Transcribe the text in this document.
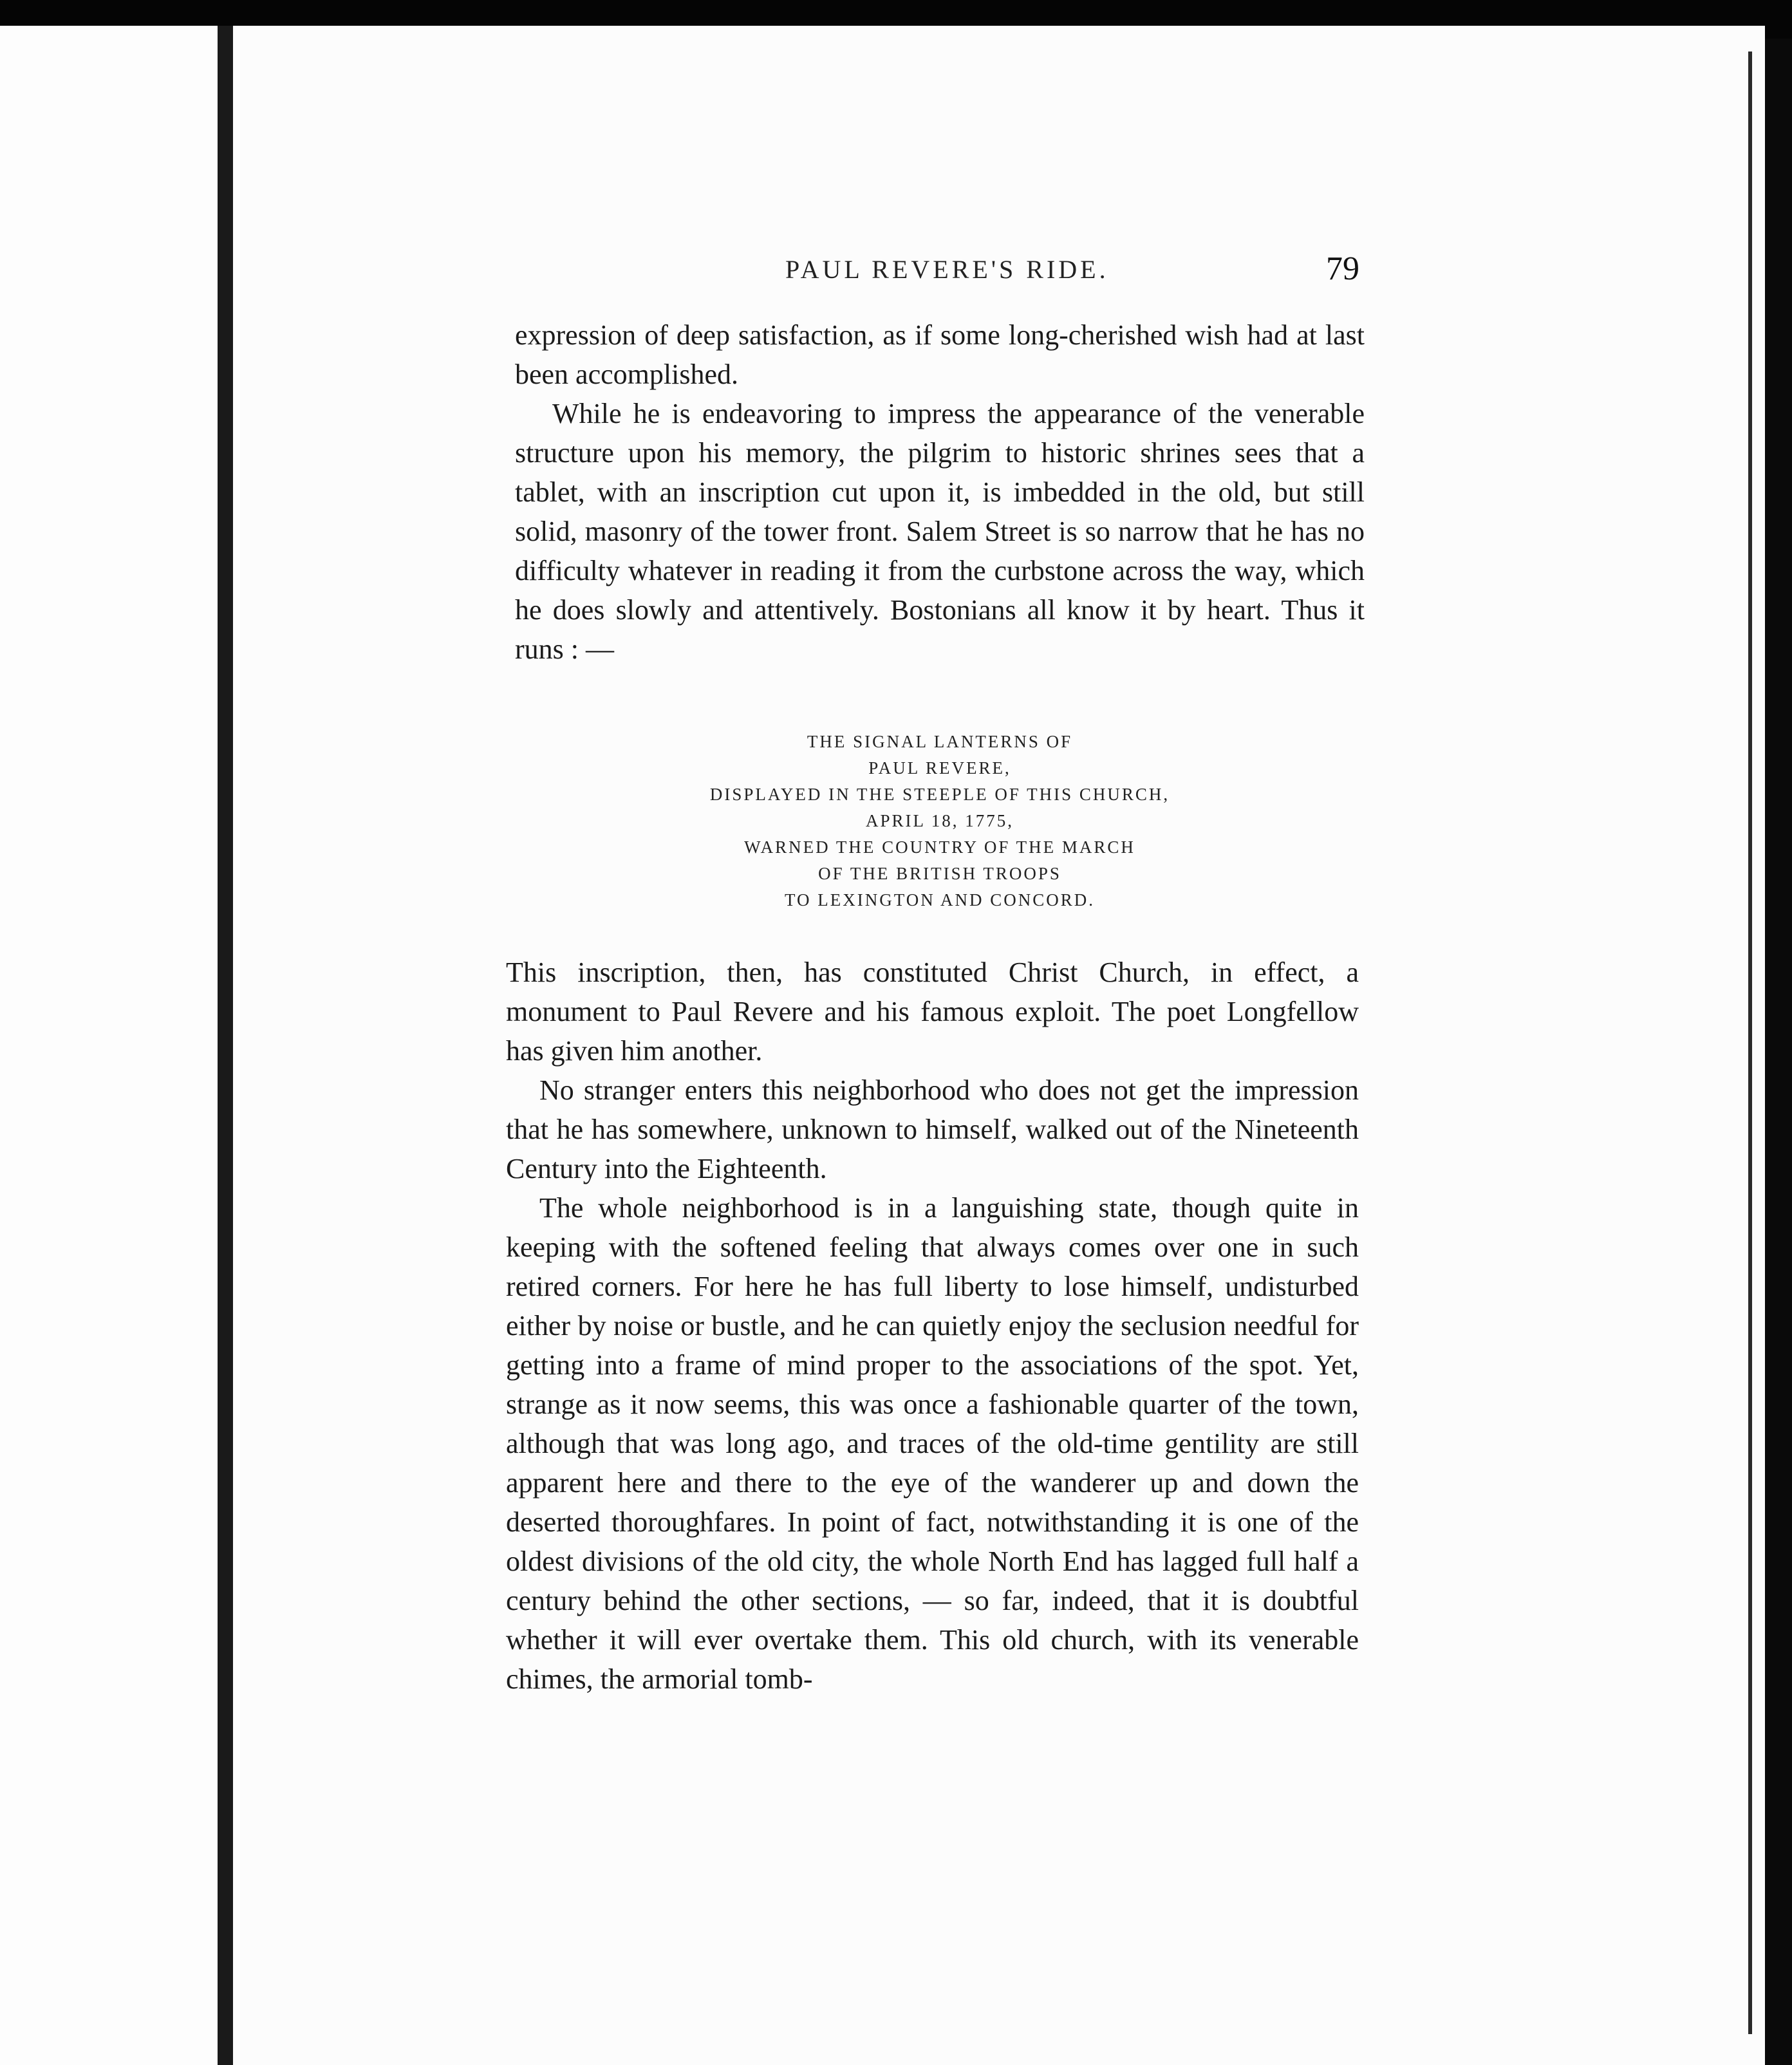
PAUL REVERE'S RIDE.	79

expression of deep satisfaction, as if some long-cherished wish had at last been accomplished.

While he is endeavoring to impress the appearance of the venerable structure upon his memory, the pilgrim to historic shrines sees that a tablet, with an inscription cut upon it, is imbedded in the old, but still solid, masonry of the tower front. Salem Street is so narrow that he has no difficulty whatever in reading it from the curbstone across the way, which he does slowly and attentively. Bostonians all know it by heart. Thus it runs : —

THE SIGNAL LANTERNS OF
PAUL REVERE,
DISPLAYED IN THE STEEPLE OF THIS CHURCH,
APRIL 18, 1775,
WARNED THE COUNTRY OF THE MARCH
OF THE BRITISH TROOPS
TO LEXINGTON AND CONCORD.

This inscription, then, has constituted Christ Church, in effect, a monument to Paul Revere and his famous exploit. The poet Longfellow has given him another.

No stranger enters this neighborhood who does not get the impression that he has somewhere, unknown to himself, walked out of the Nineteenth Century into the Eighteenth.

The whole neighborhood is in a languishing state, though quite in keeping with the softened feeling that always comes over one in such retired corners. For here he has full liberty to lose himself, undisturbed either by noise or bustle, and he can quietly enjoy the seclusion needful for getting into a frame of mind proper to the associations of the spot. Yet, strange as it now seems, this was once a fashionable quarter of the town, although that was long ago, and traces of the old-time gentility are still apparent here and there to the eye of the wanderer up and down the deserted thoroughfares. In point of fact, notwithstanding it is one of the oldest divisions of the old city, the whole North End has lagged full half a century behind the other sections, — so far, indeed, that it is doubtful whether it will ever overtake them. This old church, with its venerable chimes, the armorial tomb-
